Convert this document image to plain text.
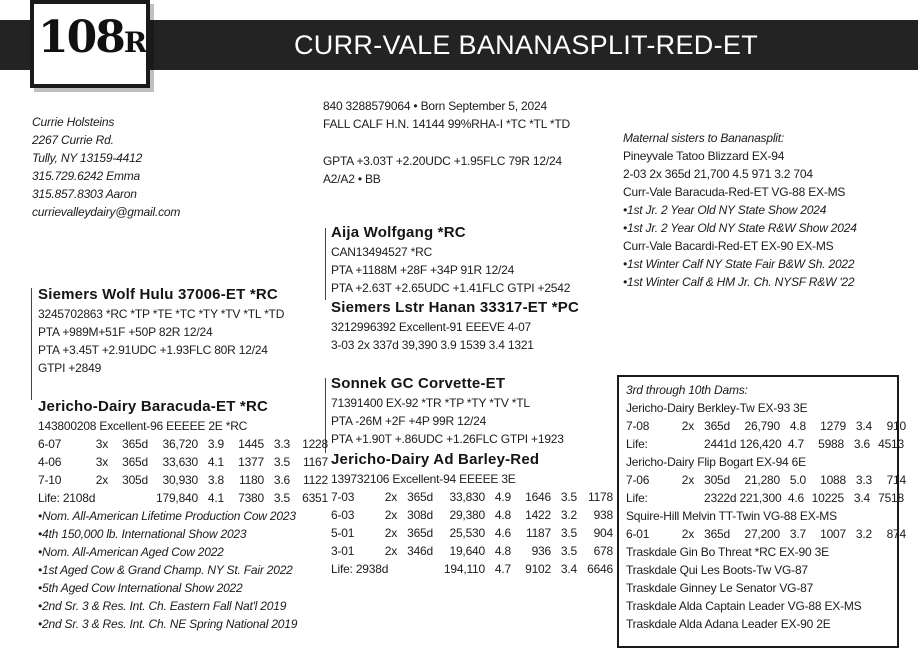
108R	CURR-VALE BANANASPLIT-RED-ET
Currie Holsteins
2267 Currie Rd.
Tully, NY 13159-4412
315.729.6242 Emma
315.857.8303 Aaron
currievalleydairy@gmail.com
840 3288579064 • Born September 5, 2024
FALL CALF H.N. 14144 99%RHA-I *TC *TL *TD
GPTA +3.03T +2.20UDC +1.95FLC 79R 12/24
A2/A2 • BB
Siemers Wolf Hulu 37006-ET *RC
3245702863 *RC *TP *TE *TC *TY *TV *TL *TD
PTA +989M+51F +50P 82R 12/24
PTA +3.45T +2.91UDC +1.93FLC 80R 12/24
GTPI +2849
Jericho-Dairy Baracuda-ET *RC
143800208 Excellent-96 EEEEE 2E *RC
6-07	3x	365d	36,720 3.9	1445 3.3	1228
4-06	3x	365d	33,630 4.1	1377 3.5	1167
7-10	2x	305d	30,930 3.8	1180 3.6	1122
Life: 2108d	179,840 4.1	7380 3.5	6351
•Nom. All-American Lifetime Production Cow 2023
•4th 150,000 lb. International Show 2023
•Nom. All-American Aged Cow 2022
•1st Aged Cow & Grand Champ. NY St. Fair 2022
•5th Aged Cow International Show 2022
•2nd Sr. 3 & Res. Int. Ch. Eastern Fall Nat'l 2019
•2nd Sr. 3 & Res. Int. Ch. NE Spring National 2019
Aija Wolfgang *RC
CAN13494527 *RC
PTA +1188M +28F +34P 91R 12/24
PTA +2.63T +2.65UDC +1.41FLC GTPI +2542
Siemers Lstr Hanan 33317-ET *PC
3212996392 Excellent-91 EEEVE 4-07
3-03 2x 337d 39,390 3.9 1539 3.4 1321
Sonnek GC Corvette-ET
71391400 EX-92 *TR *TP *TY *TV *TL
PTA -26M +2F +4P 99R 12/24
PTA +1.90T +.86UDC +1.26FLC GTPI +1923
Jericho-Dairy Ad Barley-Red
139732106 Excellent-94 EEEEE 3E
7-03	2x 365d	33,830 4.9	1646 3.5 1178
6-03	2x 308d	29,380 4.8	1422 3.2	938
5-01	2x 365d	25,530 4.6	1187 3.5	904
3-01	2x 346d	19,640 4.8	936 3.5	678
Life: 2938d	194,110 4.7	9102 3.4 6646
Maternal sisters to Bananasplit:
Pineyvale Tatoo Blizzard EX-94
2-03 2x 365d 21,700 4.5 971 3.2 704
Curr-Vale Baracuda-Red-ET VG-88 EX-MS
•1st Jr. 2 Year Old NY State Show 2024
•1st Jr. 2 Year Old NY State R&W Show 2024
Curr-Vale Bacardi-Red-ET EX-90 EX-MS
•1st Winter Calf NY State Fair B&W Sh. 2022
•1st Winter Calf & HM Jr. Ch. NYSF R&W '22
3rd through 10th Dams:
Jericho-Dairy Berkley-Tw EX-93 3E
7-08	2x 365d	26,790 4.8	1279 3.4	910
Life:	2441d 126,420 4.7	5988 3.6 4513
Jericho-Dairy Flip Bogart EX-94 6E
7-06	2x 305d	21,280 5.0	1088 3.3	714
Life:	2322d 221,300 4.6 10225 3.4 7518
Squire-Hill Melvin TT-Twin VG-88 EX-MS
6-01	2x 365d	27,200 3.7	1007 3.2	874
Traskdale Gin Bo Threat *RC EX-90 3E
Traskdale Qui Les Boots-Tw VG-87
Traskdale Ginney Le Senator VG-87
Traskdale Alda Captain Leader VG-88 EX-MS
Traskdale Alda Adana Leader EX-90 2E
